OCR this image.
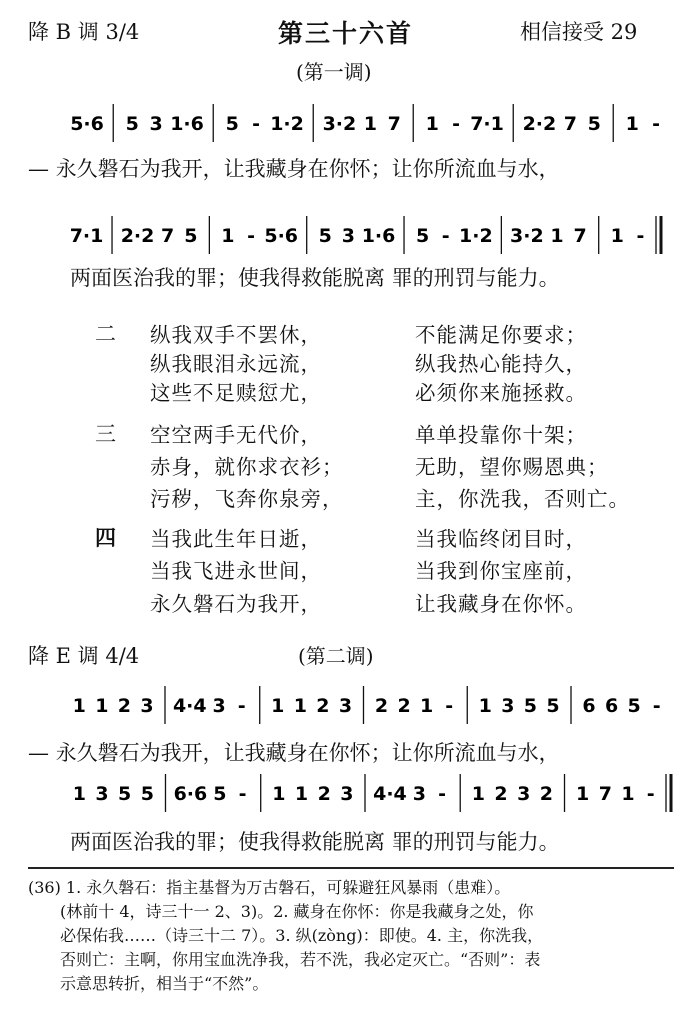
降 B 调 3/4	第三十六首	相信接受 29
(第一调)
5·6 5 3 1·6 5 - 1·2 3·2 1 7 1 - 7·1 2·2 7 5 1 -
— 永久磐石为我开，让我藏身在你怀；让你所流血与水，
7·1 2·2 7 5 1 - 5·6 5 3 1·6 5 - 1·2 3·2 1 7 1 -
两面医治我的罪；使我得救能脱离 罪的刑罚与能力。
二 纵我双手不罢休，	不能满足你要求；
纵我眼泪永远流，	纵我热心能持久，
这些不足赎愆尤，	必须你来施拯救。
三 空空两手无代价，	单单投靠你十架；
赤身，就你求衣衫；	无助，望你赐恩典；
污秽，飞奔你泉旁，	主，你洗我，否则亡。
四 当我此生年日逝，	当我临终闭目时，
当我飞进永世间，	当我到你宝座前，
永久磐石为我开，	让我藏身在你怀。
降 E 调 4/4	(第二调)
1 1 2 3 4·4 3 - 1 1 2 3 2 2 1 - 1 3 5 5 6 6 5 -
— 永久磐石为我开，让我藏身在你怀；让你所流血与水，
1 3 5 5 6·6 5 - 1 1 2 3 4·4 3 - 1 2 3 2 1 7 1 -
两面医治我的罪；使我得救能脱离 罪的刑罚与能力。
(36) 1. 永久磐石：指主基督为万古磐石，可躲避狂风暴雨（患难）。
(林前十 4，诗三十一 2、3)。2. 藏身在你怀：你是我藏身之处，你
必保佑我……（诗三十二 7）。3. 纵(zòng)：即使。4. 主，你洗我，
否则亡：主啊，你用宝血洗净我，若不洗，我必定灭亡。“否则”：表
示意思转折，相当于“不然”。
